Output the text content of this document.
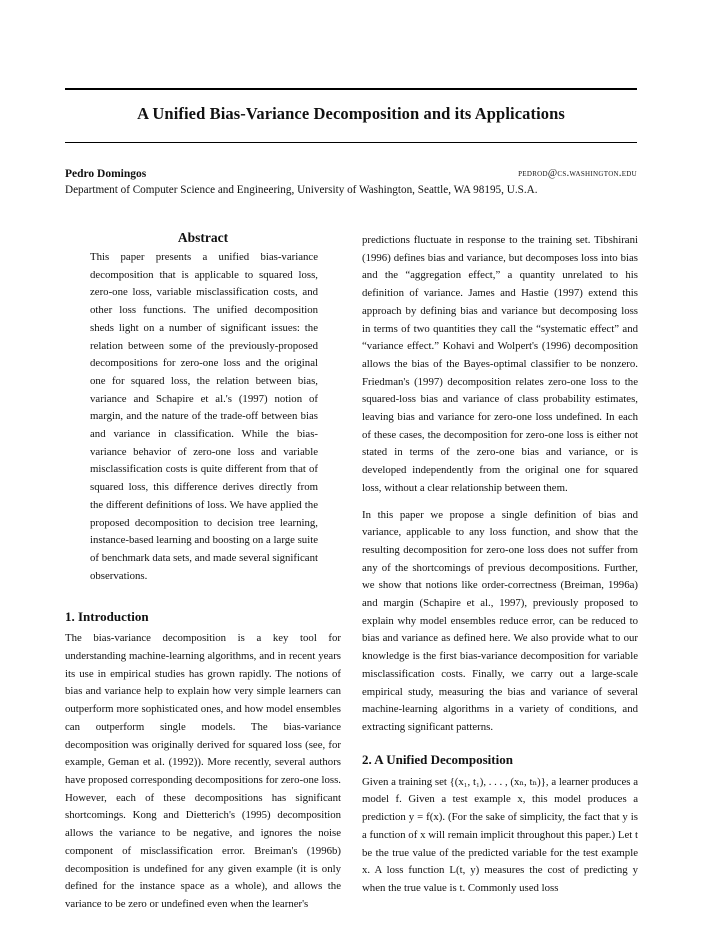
A Unified Bias-Variance Decomposition and its Applications
Pedro Domingos	pedrod@cs.washington.edu
Department of Computer Science and Engineering, University of Washington, Seattle, WA 98195, U.S.A.
Abstract

This paper presents a unified bias-variance decomposition that is applicable to squared loss, zero-one loss, variable misclassification costs, and other loss functions. The unified decomposition sheds light on a number of significant issues: the relation between some of the previously-proposed decompositions for zero-one loss and the original one for squared loss, the relation between bias, variance and Schapire et al.'s (1997) notion of margin, and the nature of the trade-off between bias and variance in classification. While the bias-variance behavior of zero-one loss and variable misclassification costs is quite different from that of squared loss, this difference derives directly from the different definitions of loss. We have applied the proposed decomposition to decision tree learning, instance-based learning and boosting on a large suite of benchmark data sets, and made several significant observations.

1. Introduction

The bias-variance decomposition is a key tool for understanding machine-learning algorithms, and in recent years its use in empirical studies has grown rapidly. The notions of bias and variance help to explain how very simple learners can outperform more sophisticated ones, and how model ensembles can outperform single models. The bias-variance decomposition was originally derived for squared loss (see, for example, Geman et al. (1992)). More recently, several authors have proposed corresponding decompositions for zero-one loss. However, each of these decompositions has significant shortcomings. Kong and Dietterich's (1995) decomposition allows the variance to be negative, and ignores the noise component of misclassification error. Breiman's (1996b) decomposition is undefined for any given example (it is only defined for the instance space as a whole), and allows the variance to be zero or undefined even when the learner's

predictions fluctuate in response to the training set. Tibshirani (1996) defines bias and variance, but decomposes loss into bias and the “aggregation effect,” a quantity unrelated to his definition of variance. James and Hastie (1997) extend this approach by defining bias and variance but decomposing loss in terms of two quantities they call the “systematic effect” and “variance effect.” Kohavi and Wolpert's (1996) decomposition allows the bias of the Bayes-optimal classifier to be nonzero. Friedman's (1997) decomposition relates zero-one loss to the squared-loss bias and variance of class probability estimates, leaving bias and variance for zero-one loss undefined. In each of these cases, the decomposition for zero-one loss is either not stated in terms of the zero-one bias and variance, or is developed independently from the original one for squared loss, without a clear relationship between them.

In this paper we propose a single definition of bias and variance, applicable to any loss function, and show that the resulting decomposition for zero-one loss does not suffer from any of the shortcomings of previous decompositions. Further, we show that notions like order-correctness (Breiman, 1996a) and margin (Schapire et al., 1997), previously proposed to explain why model ensembles reduce error, can be reduced to bias and variance as defined here. We also provide what to our knowledge is the first bias-variance decomposition for variable misclassification costs. Finally, we carry out a large-scale empirical study, measuring the bias and variance of several machine-learning algorithms in a variety of conditions, and extracting significant patterns.

2. A Unified Decomposition

Given a training set {(x₁, t₁), . . . , (xₙ, tₙ)}, a learner produces a model f. Given a test example x, this model produces a prediction y = f(x). (For the sake of simplicity, the fact that y is a function of x will remain implicit throughout this paper.) Let t be the true value of the predicted variable for the test example x. A loss function L(t, y) measures the cost of predicting y when the true value is t. Commonly used loss
